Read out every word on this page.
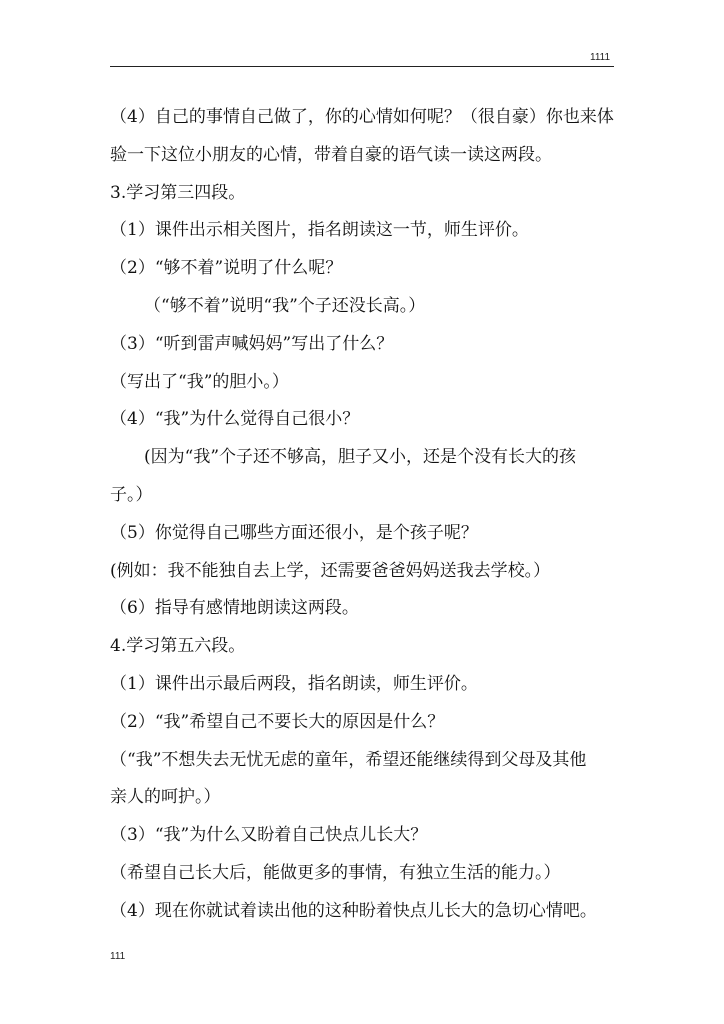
1111
（4）自己的事情自己做了，你的心情如何呢？（很自豪）你也来体
验一下这位小朋友的心情，带着自豪的语气读一读这两段。
3.学习第三四段。
（1）课件出示相关图片，指名朗读这一节，师生评价。
（2）“够不着”说明了什么呢？
（“够不着”说明“我”个子还没长高。）
（3）“听到雷声喊妈妈”写出了什么？
（写出了“我”的胆小。）
（4）“我”为什么觉得自己很小？
(因为“我”个子还不够高，胆子又小，还是个没有长大的孩
子。）
（5）你觉得自己哪些方面还很小，是个孩子呢？
(例如：我不能独自去上学，还需要爸爸妈妈送我去学校。）
（6）指导有感情地朗读这两段。
4.学习第五六段。
（1）课件出示最后两段，指名朗读，师生评价。
（2）“我”希望自己不要长大的原因是什么？
（“我”不想失去无忧无虑的童年，希望还能继续得到父母及其他
亲人的呵护。）
（3）“我”为什么又盼着自己快点儿长大？
（希望自己长大后，能做更多的事情，有独立生活的能力。）
（4）现在你就试着读出他的这种盼着快点儿长大的急切心情吧。
111
